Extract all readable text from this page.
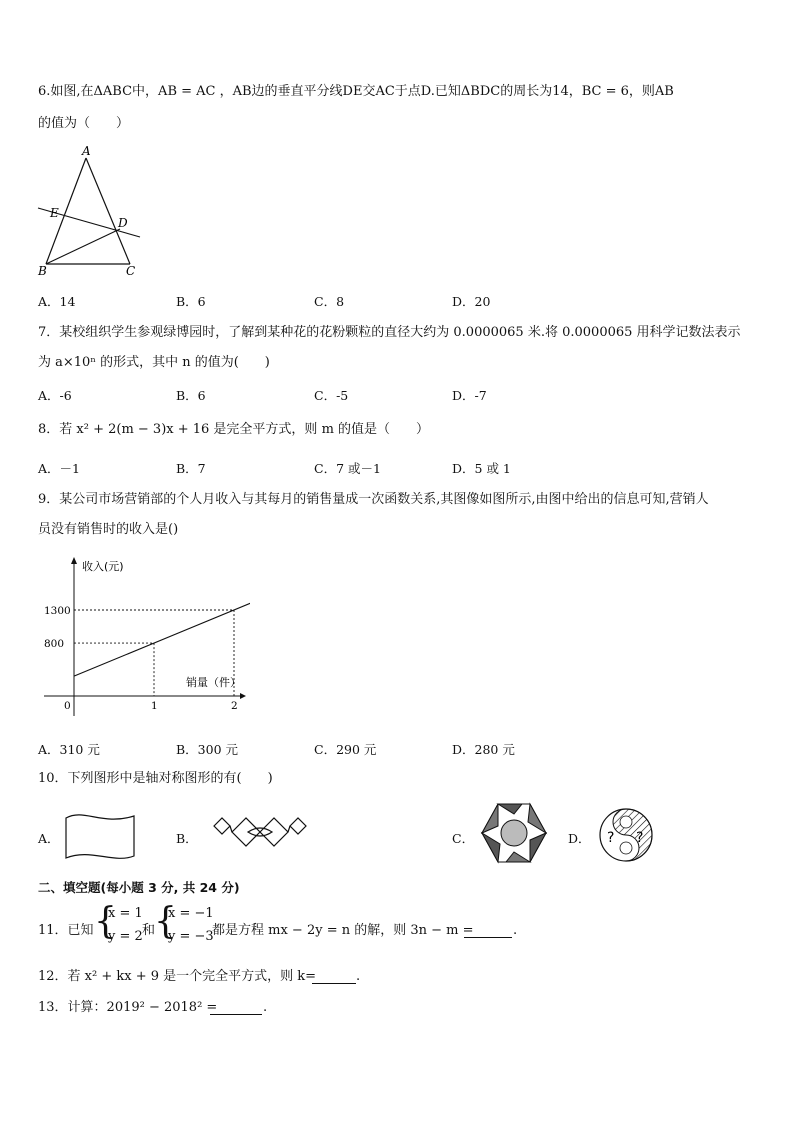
6.如图,在ΔABC中，AB = AC ，AB边的垂直平分线DE交AC于点D.已知ΔBDC的周长为14，BC = 6，则AB
的值为（　　）
A
E
D
B	C
A．14	B．6	C．8	D．20
7．某校组织学生参观绿博园时，了解到某种花的花粉颗粒的直径大约为 0.0000065 米.将 0.0000065 用科学记数法表示
为 a×10ⁿ 的形式，其中 n 的值为(　　)
A．-6	B．6	C．-5	D．-7
8．若 x² + 2(m − 3)x + 16 是完全平方式，则 m 的值是（　　）
A．－1	B．7	C．7 或－1	D．5 或 1
9．某公司市场营销部的个人月收入与其每月的销售量成一次函数关系,其图像如图所示,由图中给出的信息可知,营销人
员没有销售时的收入是()
收入(元)
销量（件）
0	1	2
1300
800
A．310 元	B．300 元	C．290 元	D．280 元
10．下列图形中是轴对称图形的有(　　)
A．	B．	C．	D． ? ?
二、填空题(每小题 3 分, 共 24 分)
11．已知 {
x = 1
y = 2 和
{
x = −1
y = −3
都是方程 mx − 2y = n 的解，则 3n − m =	.
12．若 x² + kx + 9 是一个完全平方式，则 k=	.
13．计算：2019² − 2018² =	.
